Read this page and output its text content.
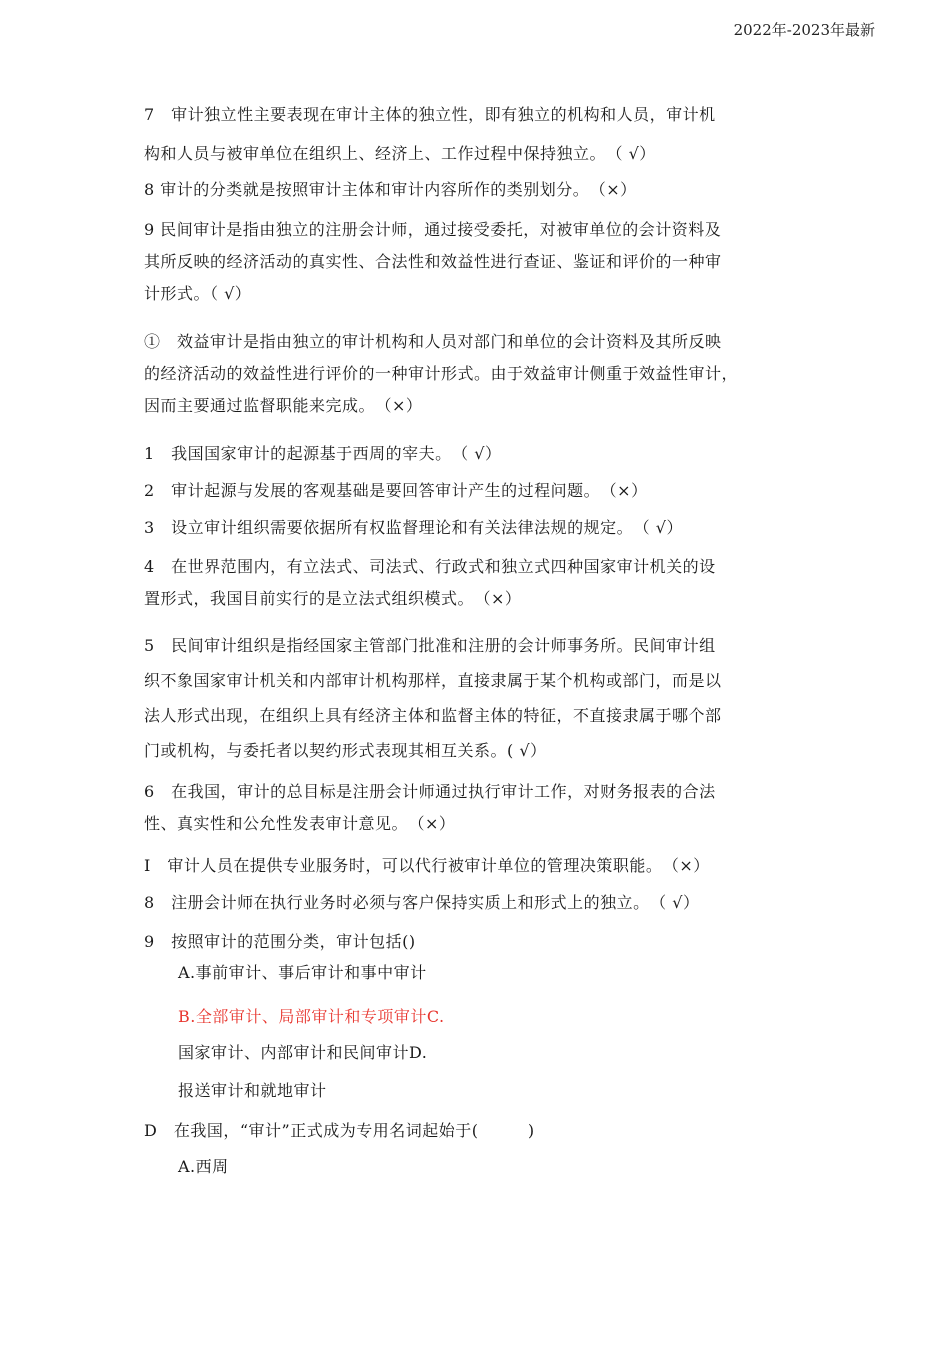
2022年-2023年最新
7　审计独立性主要表现在审计主体的独立性，即有独立的机构和人员，审计机
构和人员与被审单位在组织上、经济上、工作过程中保持独立。　（ √）
8 审计的分类就是按照审计主体和审计内容所作的类别划分。　（×）
9 民间审计是指由独立的注册会计师，通过接受委托，对被审单位的会计资料及
其所反映的经济活动的真实性、合法性和效益性进行查证、鉴证和评价的一种审
计形式。（ √）
①　效益审计是指由独立的审计机构和人员对部门和单位的会计资料及其所反映
的经济活动的效益性进行评价的一种审计形式。由于效益审计侧重于效益性审计，
因而主要通过监督职能来完成。　（×）
1　我国国家审计的起源基于西周的宰夫。　（ √）
2　审计起源与发展的客观基础是要回答审计产生的过程问题。　（×）
3　设立审计组织需要依据所有权监督理论和有关法律法规的规定。　（ √）
4　在世界范围内，有立法式、司法式、行政式和独立式四种国家审计机关的设
置形式，我国目前实行的是立法式组织模式。　（×）
5　民间审计组织是指经国家主管部门批准和注册的会计师事务所。民间审计组
织不象国家审计机关和内部审计机构那样，直接隶属于某个机构或部门，而是以
法人形式出现，在组织上具有经济主体和监督主体的特征，不直接隶属于哪个部
门或机构，与委托者以契约形式表现其相互关系。( √）
6　在我国，审计的总目标是注册会计师通过执行审计工作，对财务报表的合法
性、真实性和公允性发表审计意见。　（×）
I　审计人员在提供专业服务时，可以代行被审计单位的管理决策职能。　（×）
8　注册会计师在执行业务时必须与客户保持实质上和形式上的独立。　（ √）
9　按照审计的范围分类，审计包括()
A.事前审计、事后审计和事中审计
B.全部审计、局部审计和专项审计C.
国家审计、内部审计和民间审计D.
报送审计和就地审计
D　在我国，“审计”正式成为专用名词起始于(　　　)
A.西周
